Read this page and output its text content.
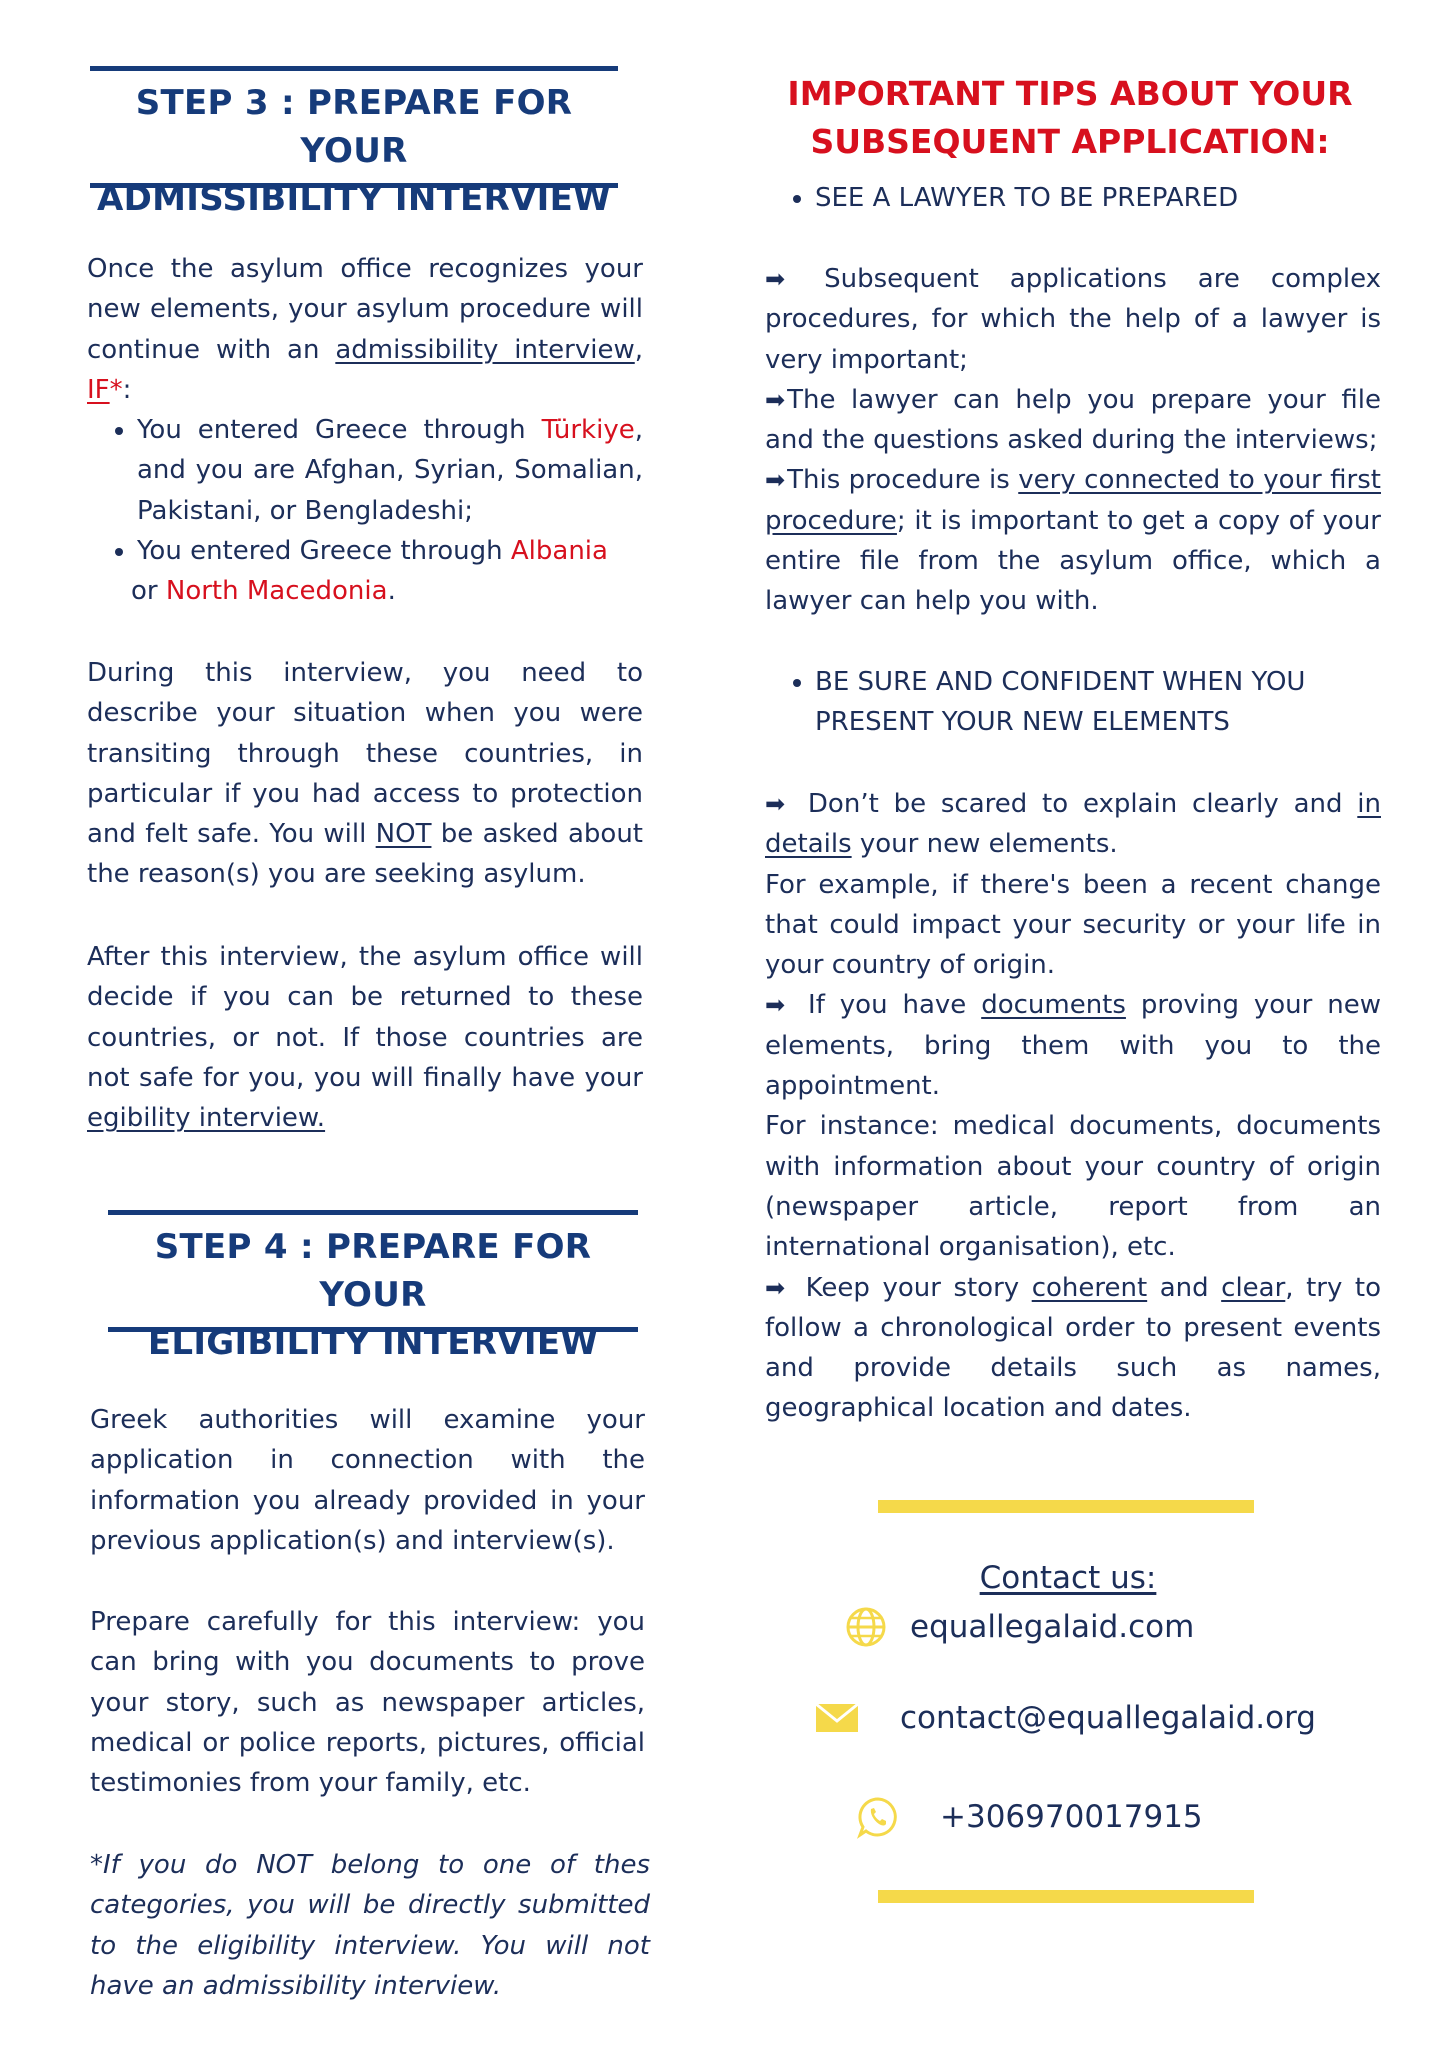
STEP 3 : PREPARE FOR YOUR
ADMISSIBILITY INTERVIEW

Once the asylum office recognizes your new elements, your asylum procedure will continue with an admissibility interview, IF*:

• You entered Greece through Türkiye, and you are Afghan, Syrian, Somalian, Pakistani, or Bengladeshi;
• You entered Greece through Albania
or North Macedonia.

During this interview, you need to describe your situation when you were transiting through these countries, in particular if you had access to protection and felt safe. You will NOT be asked about the reason(s) you are seeking asylum.

After this interview, the asylum office will decide if you can be returned to these countries, or not. If those countries are not safe for you, you will finally have your egibility interview.

STEP 4 : PREPARE FOR YOUR
ELIGIBILITY INTERVIEW

Greek authorities will examine your application in connection with the information you already provided in your previous application(s) and interview(s).

Prepare carefully for this interview: you can bring with you documents to prove your story, such as newspaper articles, medical or police reports, pictures, official testimonies from your family, etc.

*If you do NOT belong to one of thes categories, you will be directly submitted to the eligibility interview. You will not have an admissibility interview.

IMPORTANT TIPS ABOUT YOUR
SUBSEQUENT APPLICATION:
• SEE A LAWYER TO BE PREPARED

➡ Subsequent applications are complex procedures, for which the help of a lawyer is very important;
➡The lawyer can help you prepare your file and the questions asked during the interviews;
➡This procedure is very connected to your first procedure; it is important to get a copy of your entire file from the asylum office, which a lawyer can help you with.

• BE SURE AND CONFIDENT WHEN YOU PRESENT YOUR NEW ELEMENTS

➡ Don’t be scared to explain clearly and in details your new elements.
For example, if there's been a recent change that could impact your security or your life in your country of origin.
➡ If you have documents proving your new elements, bring them with you to the appointment.
For instance: medical documents, documents with information about your country of origin (newspaper article, report from an international organisation), etc.
➡ Keep your story coherent and clear, try to follow a chronological order to present events and provide details such as names, geographical location and dates.

Contact us:
equallegalaid.com
contact@equallegalaid.org
+306970017915
